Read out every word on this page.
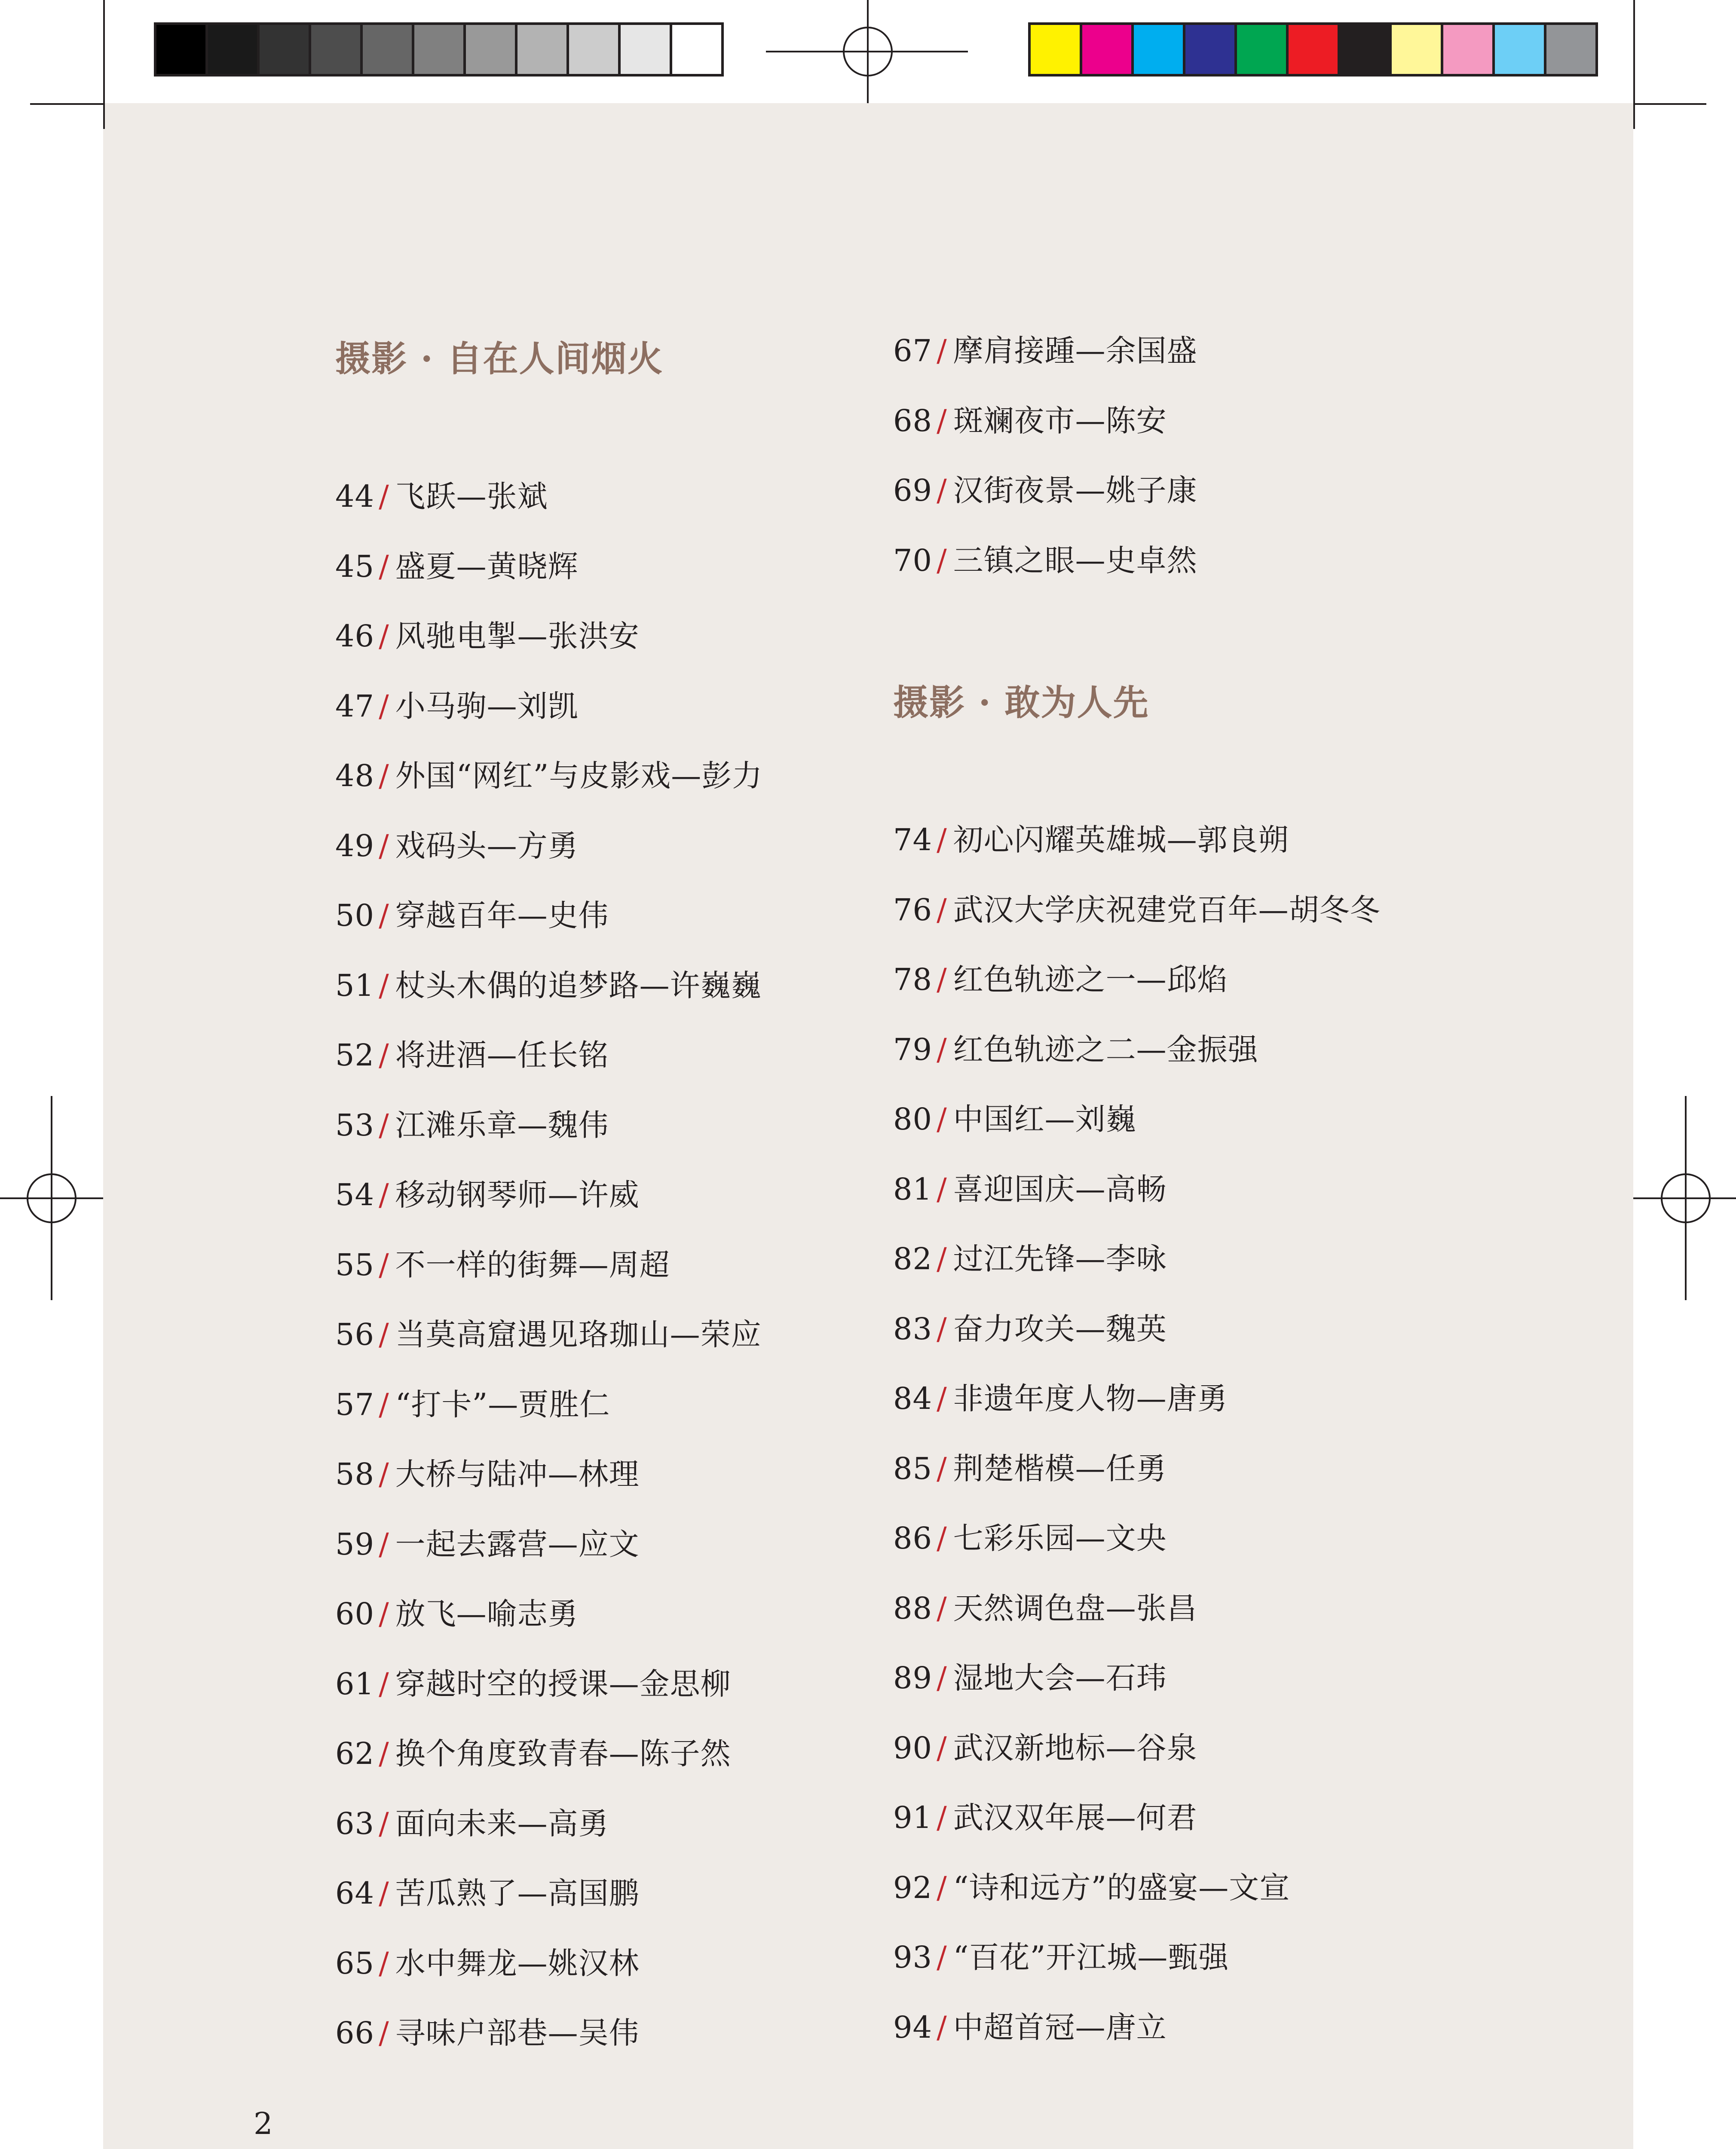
摄影 · 自在人间烟火
44 / 飞跃—张斌
45 / 盛夏—黄晓辉
46 / 风驰电掣—张洪安
47 / 小马驹—刘凯
48 / 外国“网红”与皮影戏—彭力
49 / 戏码头—方勇
50 / 穿越百年—史伟
51 / 杖头木偶的追梦路—许巍巍
52 / 将进酒—任长铭
53 / 江滩乐章—魏伟
54 / 移动钢琴师—许威
55 / 不一样的街舞—周超
56 / 当莫高窟遇见珞珈山—荣应
57 / “打卡”—贾胜仁
58 / 大桥与陆冲—林理
59 / 一起去露营—应文
60 / 放飞—喻志勇
61 / 穿越时空的授课—金思柳
62 / 换个角度致青春—陈子然
63 / 面向未来—高勇
64 / 苦瓜熟了—高国鹏
65 / 水中舞龙—姚汉林
66 / 寻味户部巷—吴伟
67 / 摩肩接踵—余国盛
68 / 斑斓夜市—陈安
69 / 汉街夜景—姚子康
70 / 三镇之眼—史卓然
摄影 · 敢为人先
74 / 初心闪耀英雄城—郭良朔
76 / 武汉大学庆祝建党百年—胡冬冬
78 / 红色轨迹之一—邱焰
79 / 红色轨迹之二—金振强
80 / 中国红—刘巍
81 / 喜迎国庆—高畅
82 / 过江先锋—李咏
83 / 奋力攻关—魏英
84 / 非遗年度人物—唐勇
85 / 荆楚楷模—任勇
86 / 七彩乐园—文央
88 / 天然调色盘—张昌
89 / 湿地大会—石玮
90 / 武汉新地标—谷泉
91 / 武汉双年展—何君
92 / “诗和远方”的盛宴—文宣
93 / “百花”开江城—甄强
94 / 中超首冠—唐立
2
